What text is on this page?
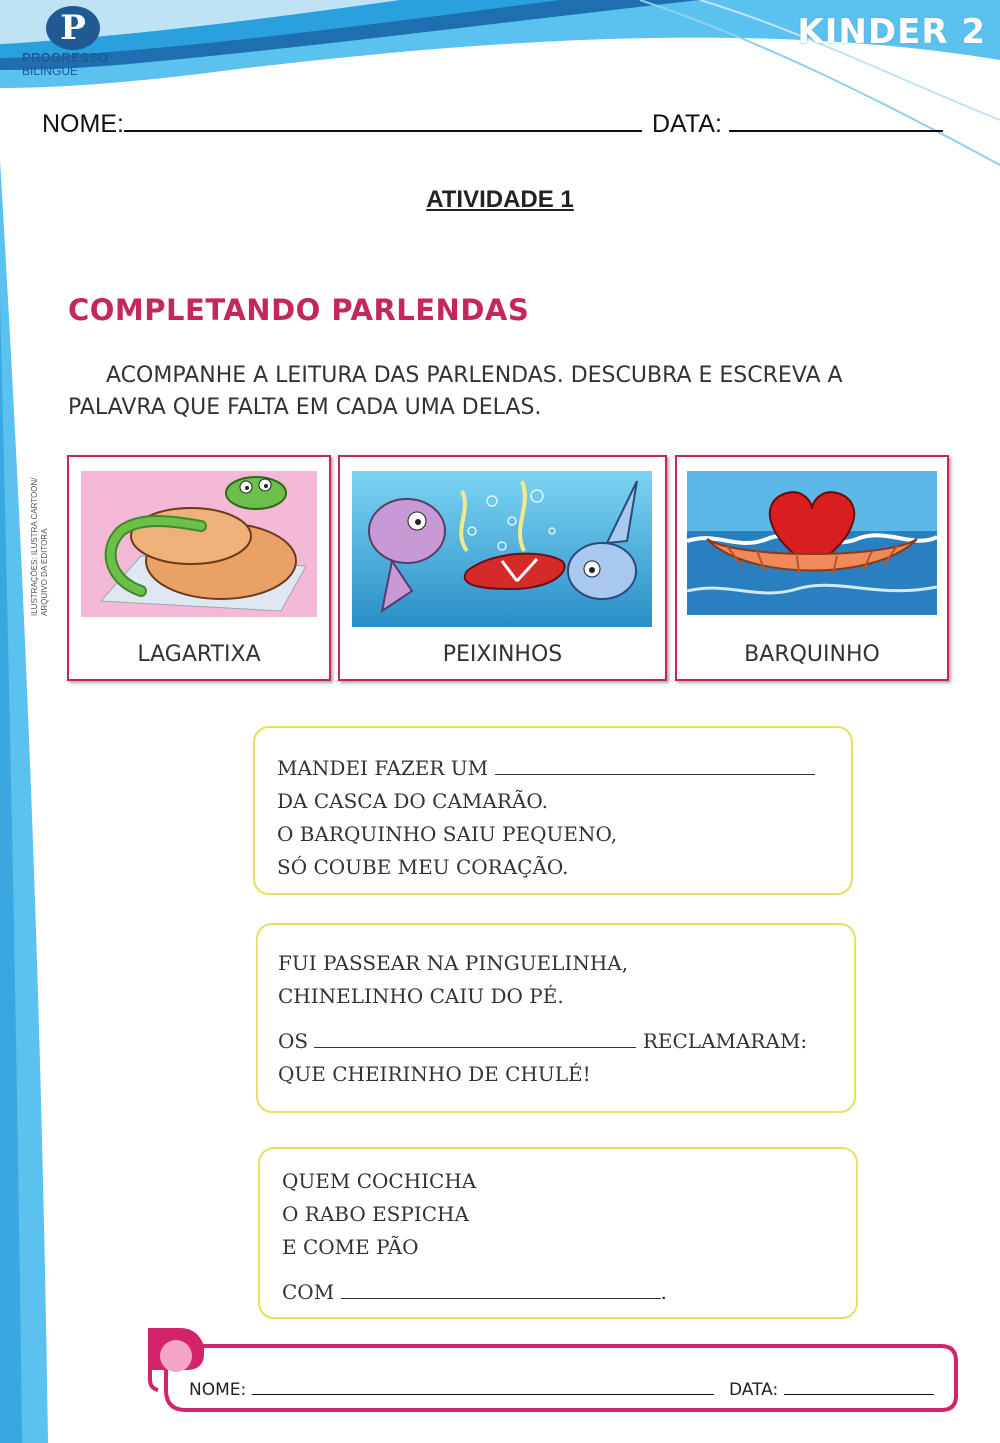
P
PROGRESSO
BILÍNGUE
KINDER 2
NOME:	DATA:
ATIVIDADE 1
COMPLETANDO PARLENDAS
ACOMPANHE A LEITURA DAS PARLENDAS. DESCUBRA E ESCREVA A PALAVRA QUE FALTA EM CADA UMA DELAS.
ILUSTRAÇÕES: ILUSTRA CARTOON/ ARQUIVO DA EDITORA
LAGARTIXA	PEIXINHOS	BARQUINHO
MANDEI FAZER UM
DA CASCA DO CAMARÃO.
O BARQUINHO SAIU PEQUENO,
SÓ COUBE MEU CORAÇÃO.
FUI PASSEAR NA PINGUELINHA,
CHINELINHO CAIU DO PÉ.
OS	RECLAMARAM:
QUE CHEIRINHO DE CHULÉ!
QUEM COCHICHA
O RABO ESPICHA
E COME PÃO
COM	.
NOME:	DATA:
